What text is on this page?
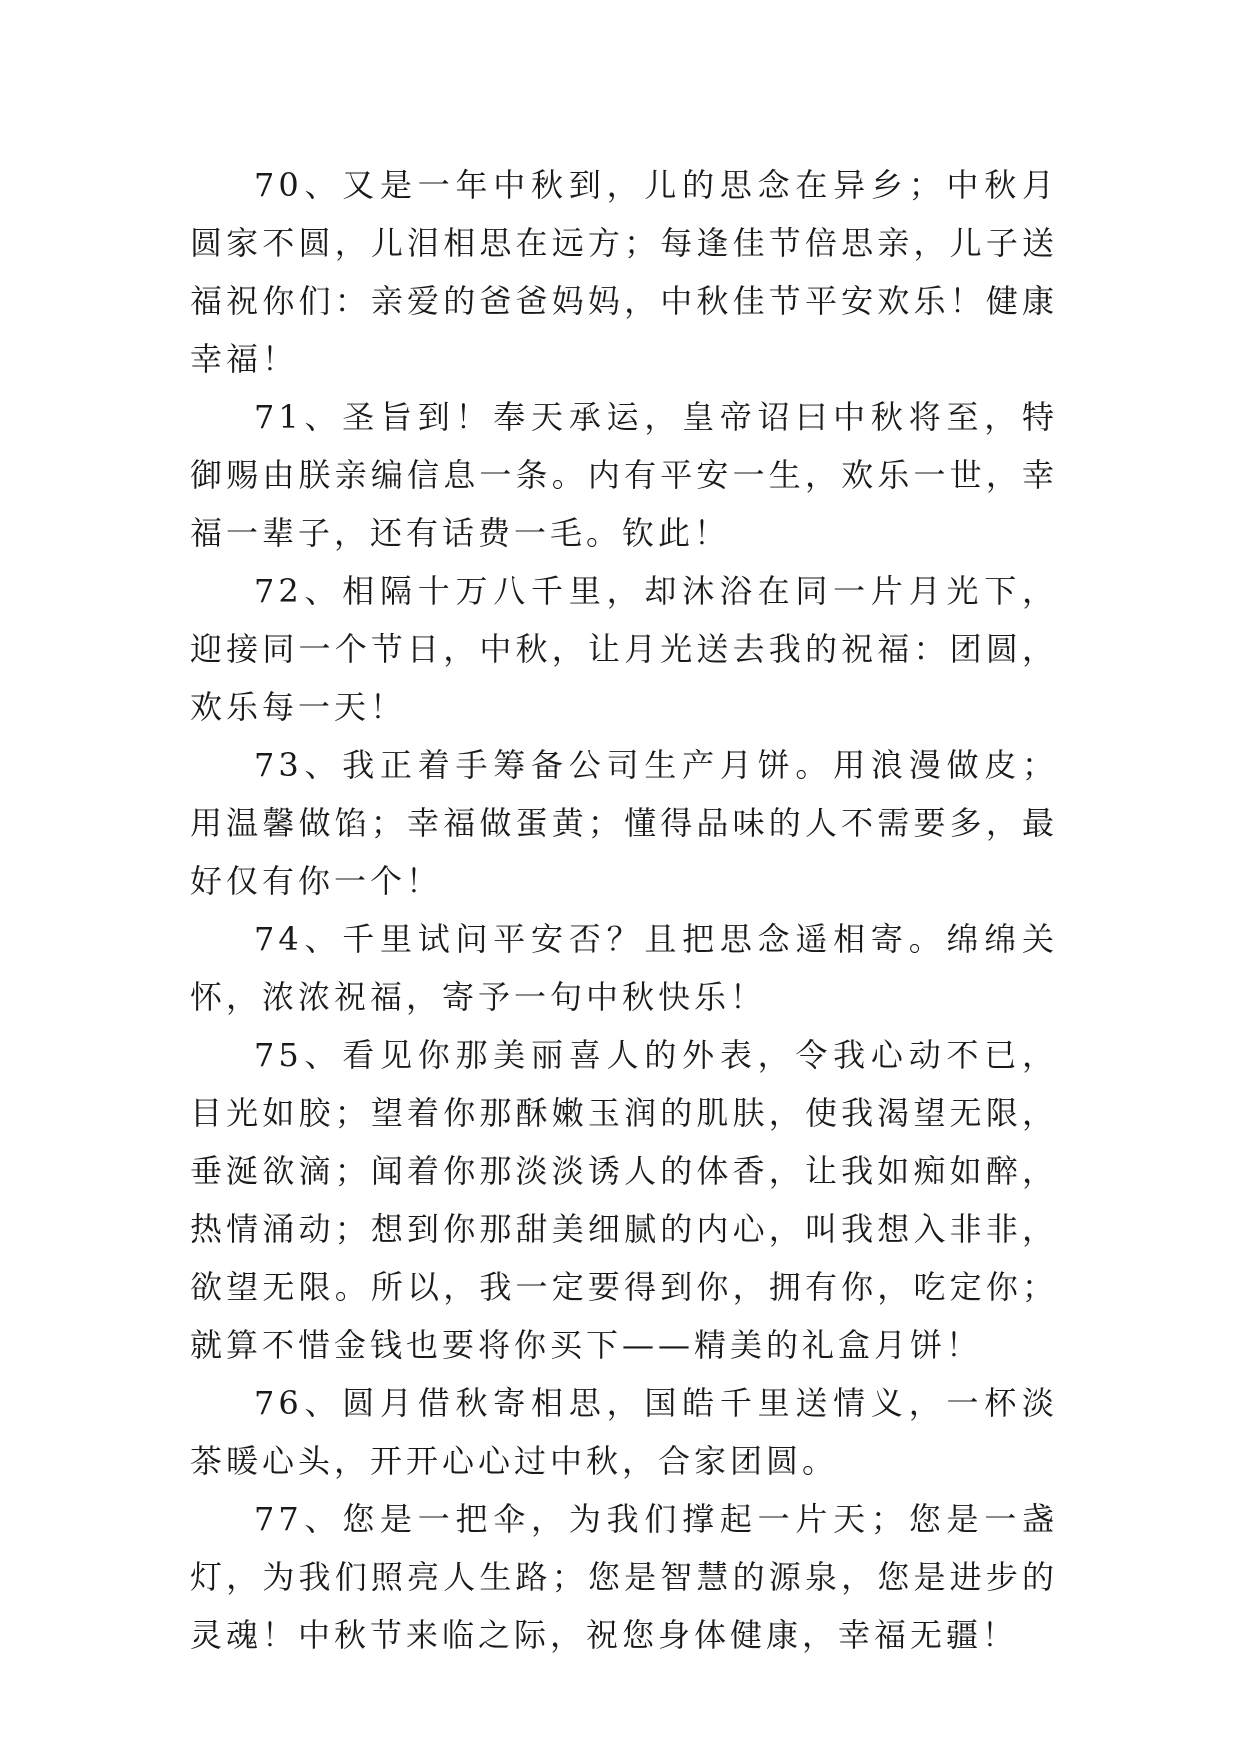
70、又是一年中秋到，儿的思念在异乡；中秋月圆家不圆，儿泪相思在远方；每逢佳节倍思亲，儿子送福祝你们：亲爱的爸爸妈妈，中秋佳节平安欢乐！健康幸福！

71、圣旨到！奉天承运，皇帝诏曰中秋将至，特御赐由朕亲编信息一条。内有平安一生，欢乐一世，幸福一辈子，还有话费一毛。钦此！

72、相隔十万八千里，却沐浴在同一片月光下，迎接同一个节日，中秋，让月光送去我的祝福：团圆，欢乐每一天！

73、我正着手筹备公司生产月饼。用浪漫做皮；用温馨做馅；幸福做蛋黄；懂得品味的人不需要多，最好仅有你一个！

74、千里试问平安否？且把思念遥相寄。绵绵关怀，浓浓祝福，寄予一句中秋快乐！

75、看见你那美丽喜人的外表，令我心动不已，目光如胶；望着你那酥嫩玉润的肌肤，使我渴望无限，垂涎欲滴；闻着你那淡淡诱人的体香，让我如痴如醉，热情涌动；想到你那甜美细腻的内心，叫我想入非非，欲望无限。所以，我一定要得到你，拥有你，吃定你；就算不惜金钱也要将你买下——精美的礼盒月饼！

76、圆月借秋寄相思，国皓千里送情义，一杯淡茶暖心头，开开心心过中秋，合家团圆。

77、您是一把伞，为我们撑起一片天；您是一盏灯，为我们照亮人生路；您是智慧的源泉，您是进步的灵魂！中秋节来临之际，祝您身体健康，幸福无疆！
